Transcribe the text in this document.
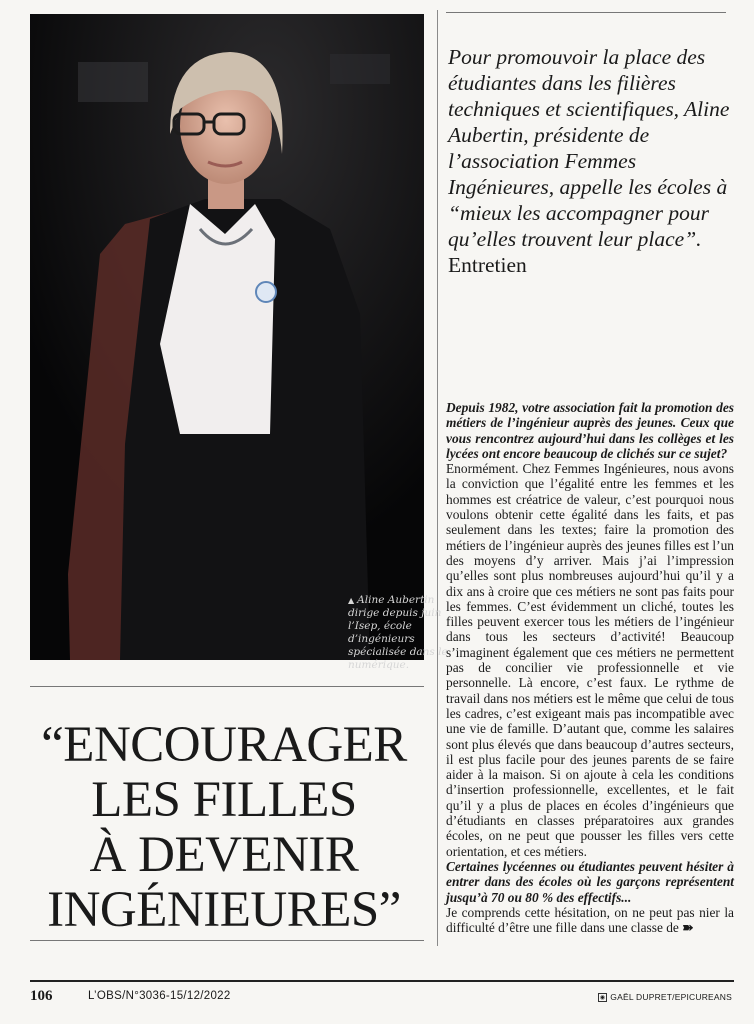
▲ Aline Aubertin dirige depuis juin l’Isep, école d’ingénieurs spécialisée dans le numérique.
Pour promouvoir la place des étudiantes dans les filières techniques et scientifiques, Aline Aubertin, présidente de l’association Femmes Ingénieures, appelle les écoles à “mieux les accompagner pour qu’elles trouvent leur place”. Entretien

Depuis 1982, votre association fait la promotion des métiers de l’ingénieur auprès des jeunes. Ceux que vous rencontrez aujourd’hui dans les collèges et les lycées ont encore beaucoup de clichés sur ce sujet?

Enormément. Chez Femmes Ingénieures, nous avons la conviction que l’égalité entre les femmes et les hommes est créatrice de valeur, c’est pourquoi nous voulons obtenir cette égalité dans les faits, et pas seulement dans les textes; faire la promotion des métiers de l’ingénieur auprès des jeunes filles est l’un des moyens d’y arriver. Mais j’ai l’impression qu’elles sont plus nombreuses aujourd’hui qu’il y a dix ans à croire que ces métiers ne sont pas faits pour les femmes. C’est évidemment un cliché, toutes les filles peuvent exercer tous les métiers de l’ingénieur dans tous les secteurs d’activité! Beaucoup s’imaginent également que ces métiers ne permettent pas de concilier vie professionnelle et vie personnelle. Là encore, c’est faux. Le rythme de travail dans nos métiers est le même que celui de tous les cadres, c’est exigeant mais pas incompatible avec une vie de famille. D’autant que, comme les salaires sont plus élevés que dans beaucoup d’autres secteurs, il est plus facile pour des jeunes parents de se faire aider à la maison. Si on ajoute à cela les conditions d’insertion professionnelle, excellentes, et le fait qu’il y a plus de places en écoles d’ingénieurs que d’étudiants en classes préparatoires aux grandes écoles, on ne peut que pousser les filles vers cette orientation, et ces métiers.

Certaines lycéennes ou étudiantes peuvent hésiter à entrer dans des écoles où les garçons représentent jusqu’à 70 ou 80 % des effectifs...

Je comprends cette hésitation, on ne peut pas nier la difficulté d’être une fille dans une classe de ➽

“ENCOURAGER
LES FILLES
À DEVENIR
INGÉNIEURES”
106	L’OBS/N°3036-15/12/2022	◉ GAËL DUPRET/EPICUREANS
